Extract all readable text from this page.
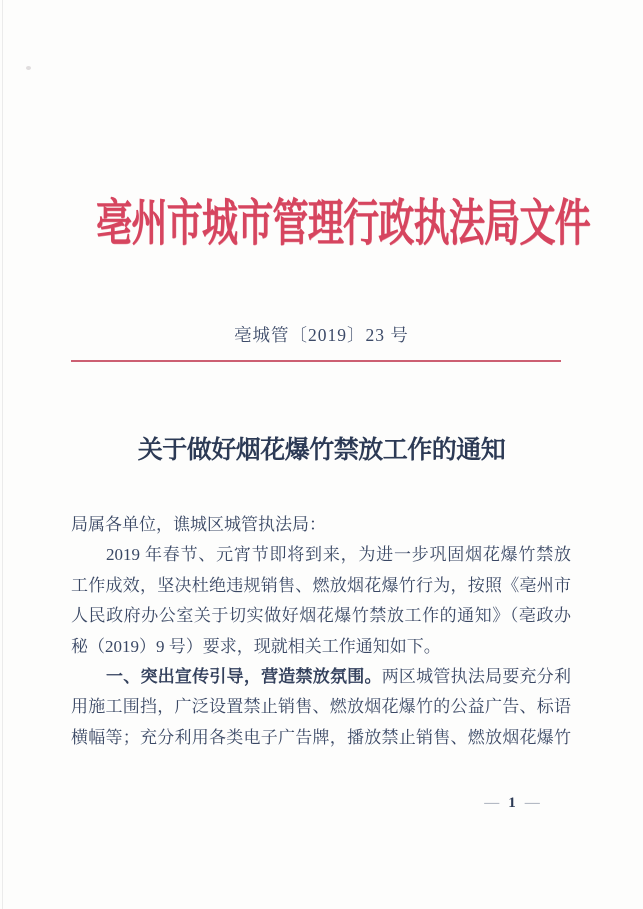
亳州市城市管理行政执法局文件
亳城管〔2019〕23 号
关于做好烟花爆竹禁放工作的通知
局属各单位，谯城区城管执法局：
2019 年春节、元宵节即将到来，为进一步巩固烟花爆竹禁放
工作成效，坚决杜绝违规销售、燃放烟花爆竹行为，按照《亳州市
人民政府办公室关于切实做好烟花爆竹禁放工作的通知》（亳政办
秘（2019）9 号）要求，现就相关工作通知如下。
一、突出宣传引导，营造禁放氛围。两区城管执法局要充分利
用施工围挡，广泛设置禁止销售、燃放烟花爆竹的公益广告、标语
横幅等；充分利用各类电子广告牌，播放禁止销售、燃放烟花爆竹
— 1 —
